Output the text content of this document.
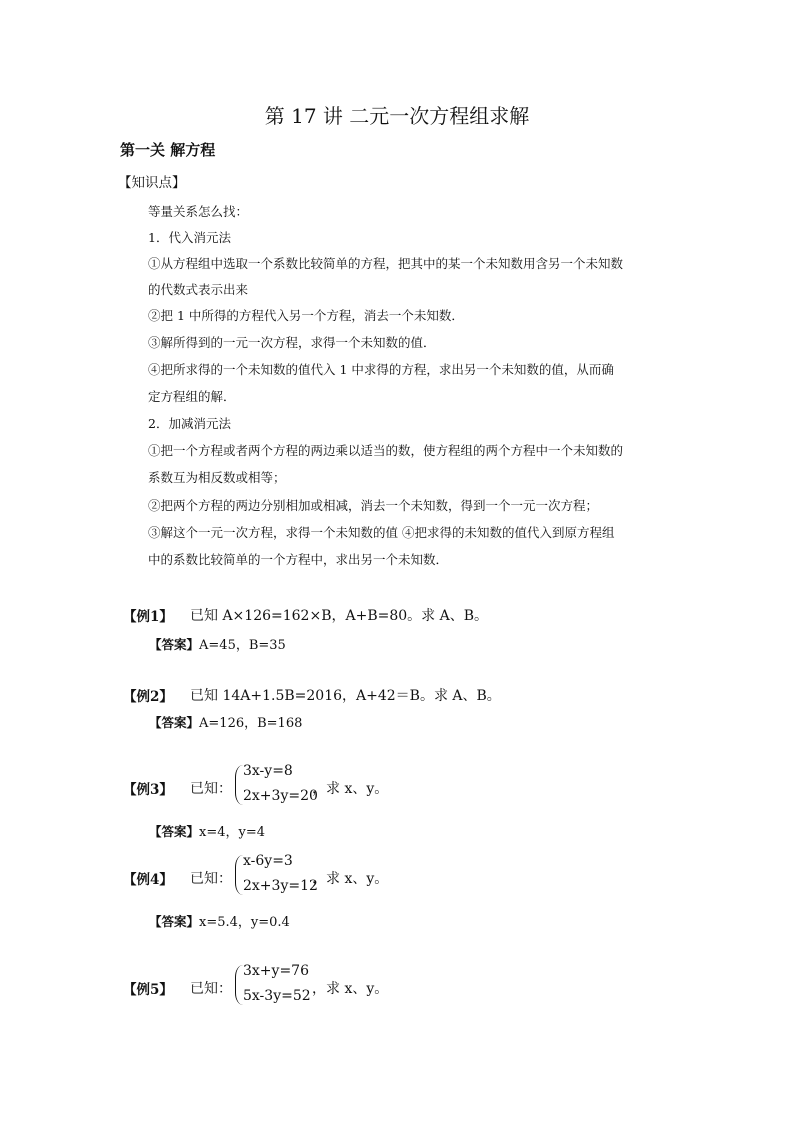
第 17 讲 二元一次方程组求解
第一关 解方程
【知识点】
等量关系怎么找：
1．代入消元法
①从方程组中选取一个系数比较简单的方程，把其中的某一个未知数用含另一个未知数
的代数式表示出来
②把 1 中所得的方程代入另一个方程，消去一个未知数．
③解所得到的一元一次方程，求得一个未知数的值．
④把所求得的一个未知数的值代入 1 中求得的方程，求出另一个未知数的值，从而确
定方程组的解．
2．加减消元法
①把一个方程或者两个方程的两边乘以适当的数，使方程组的两个方程中一个未知数的
系数互为相反数或相等；
②把两个方程的两边分别相加或相减，消去一个未知数，得到一个一元一次方程；
③解这个一元一次方程，求得一个未知数的值 ④把求得的未知数的值代入到原方程组
中的系数比较简单的一个方程中，求出另一个未知数．
【例1】 已知 A×126=162×B，A+B=80。求 A、B。
【答案】A=45，B=35
【例2】 已知 14A+1.5B=2016，A+42＝B。求 A、B。
【答案】A=126，B=168
【例3】 已知：
3x-y=8
2x+3y=20
，求 x、y。
【答案】x=4，y=4
【例4】 已知：
x-6y=3
2x+3y=12
，求 x、y。
【答案】x=5.4，y=0.4
【例5】 已知：
3x+y=76
5x-3y=52 ，求 x、y。
